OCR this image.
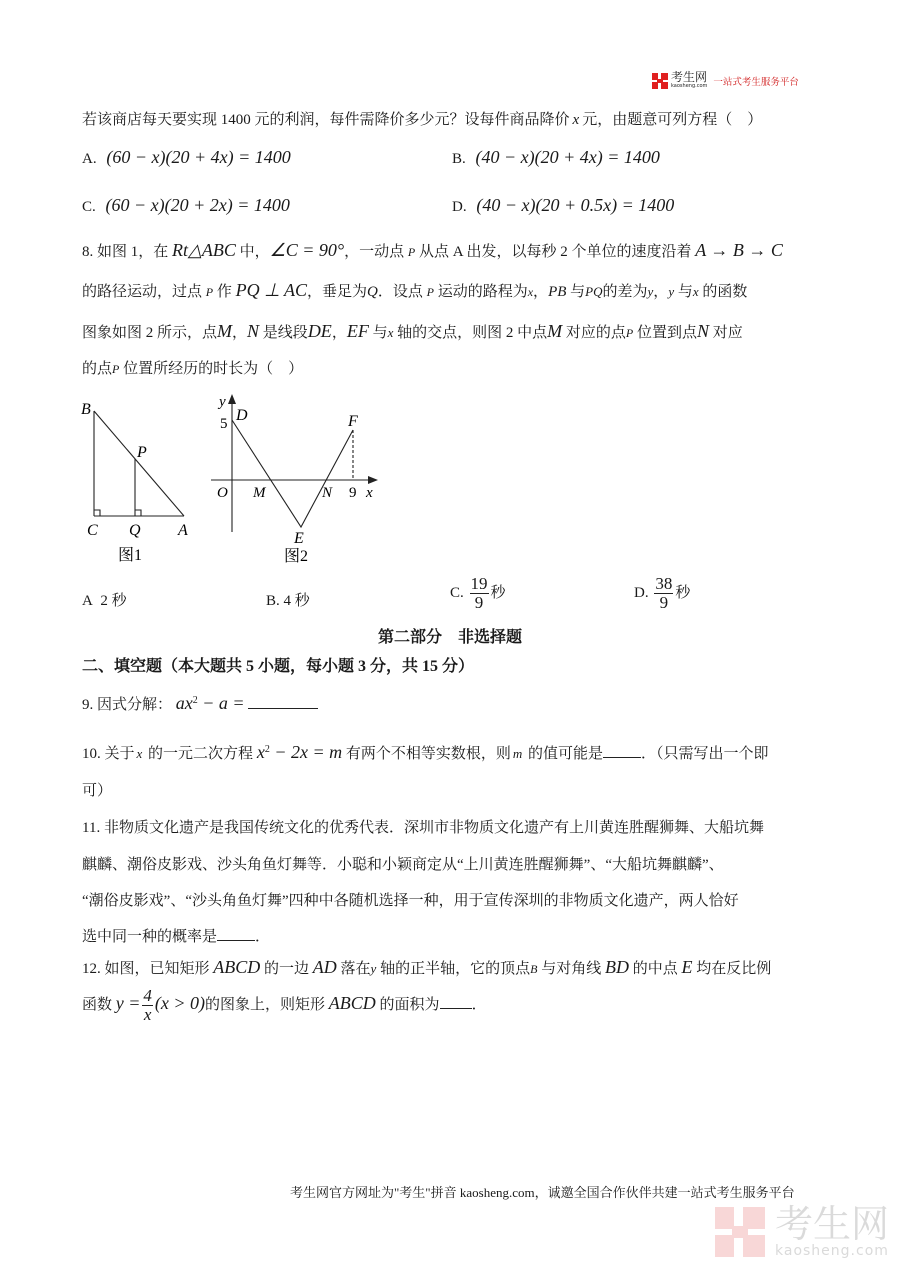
考生网
kaosheng.com 一站式考生服务平台
若该商店每天要实现 1400 元的利润，每件需降价多少元？设每件商品降价 x 元，由题意可列方程（　）
A. (60 − x)(20 + 4x) = 1400	B. (40 − x)(20 + 4x) = 1400
C. (60 − x)(20 + 2x) = 1400	D. (40 − x)(20 + 0.5x) = 1400
8. 如图 1，在 Rt△ABC 中，∠C = 90°，一动点 P 从点 A 出发，以每秒 2 个单位的速度沿着 A → B → C
的路径运动，过点 P 作 PQ ⊥ AC，垂足为Q．设点 P 运动的路程为x，PB 与PQ的差为y，y 与x 的函数
图象如图 2 所示，点M，N 是线段DE，EF 与x 轴的交点，则图 2 中点M 对应的点P 位置到点N 对应
的点P 位置所经历的时长为（　）
B
P
C Q A
图1
y
D
5	F
O M	N 9 x
E
图2
A 2 秒	B. 4 秒
C. $\frac{19}{9}$ 秒	D. $\frac{38}{9}$ 秒
第二部分　非选择题
二、填空题（本大题共 5 小题，每小题 3 分，共 15 分）
9. 因式分解： $ax^2 - a$ =
10. 关于 x 的一元二次方程 $x^2 - 2x = m$ 有两个不相等实数根，则 m 的值可能是	．（只需写出一个即
可）
11. 非物质文化遗产是我国传统文化的优秀代表．深圳市非物质文化遗产有上川黄连胜醒狮舞、大船坑舞
麒麟、潮俗皮影戏、沙头角鱼灯舞等．小聪和小颖商定从“上川黄连胜醒狮舞”、“大船坑舞麒麟”、
“潮俗皮影戏”、“沙头角鱼灯舞”四种中各随机选择一种，用于宣传深圳的非物质文化遗产，两人恰好
选中同一种的概率是	．
12. 如图，已知矩形 ABCD 的一边 AD 落在y 轴的正半轴，它的顶点B 与对角线 BD 的中点 E 均在反比例
函数 $y = \frac{4}{x} (x > 0)$的图象上，则矩形 ABCD 的面积为 ．
考生网官方网址为"考生"拼音 kaosheng.com，诚邀全国合作伙伴共建一站式考生服务平台
考生网
kaosheng.com
